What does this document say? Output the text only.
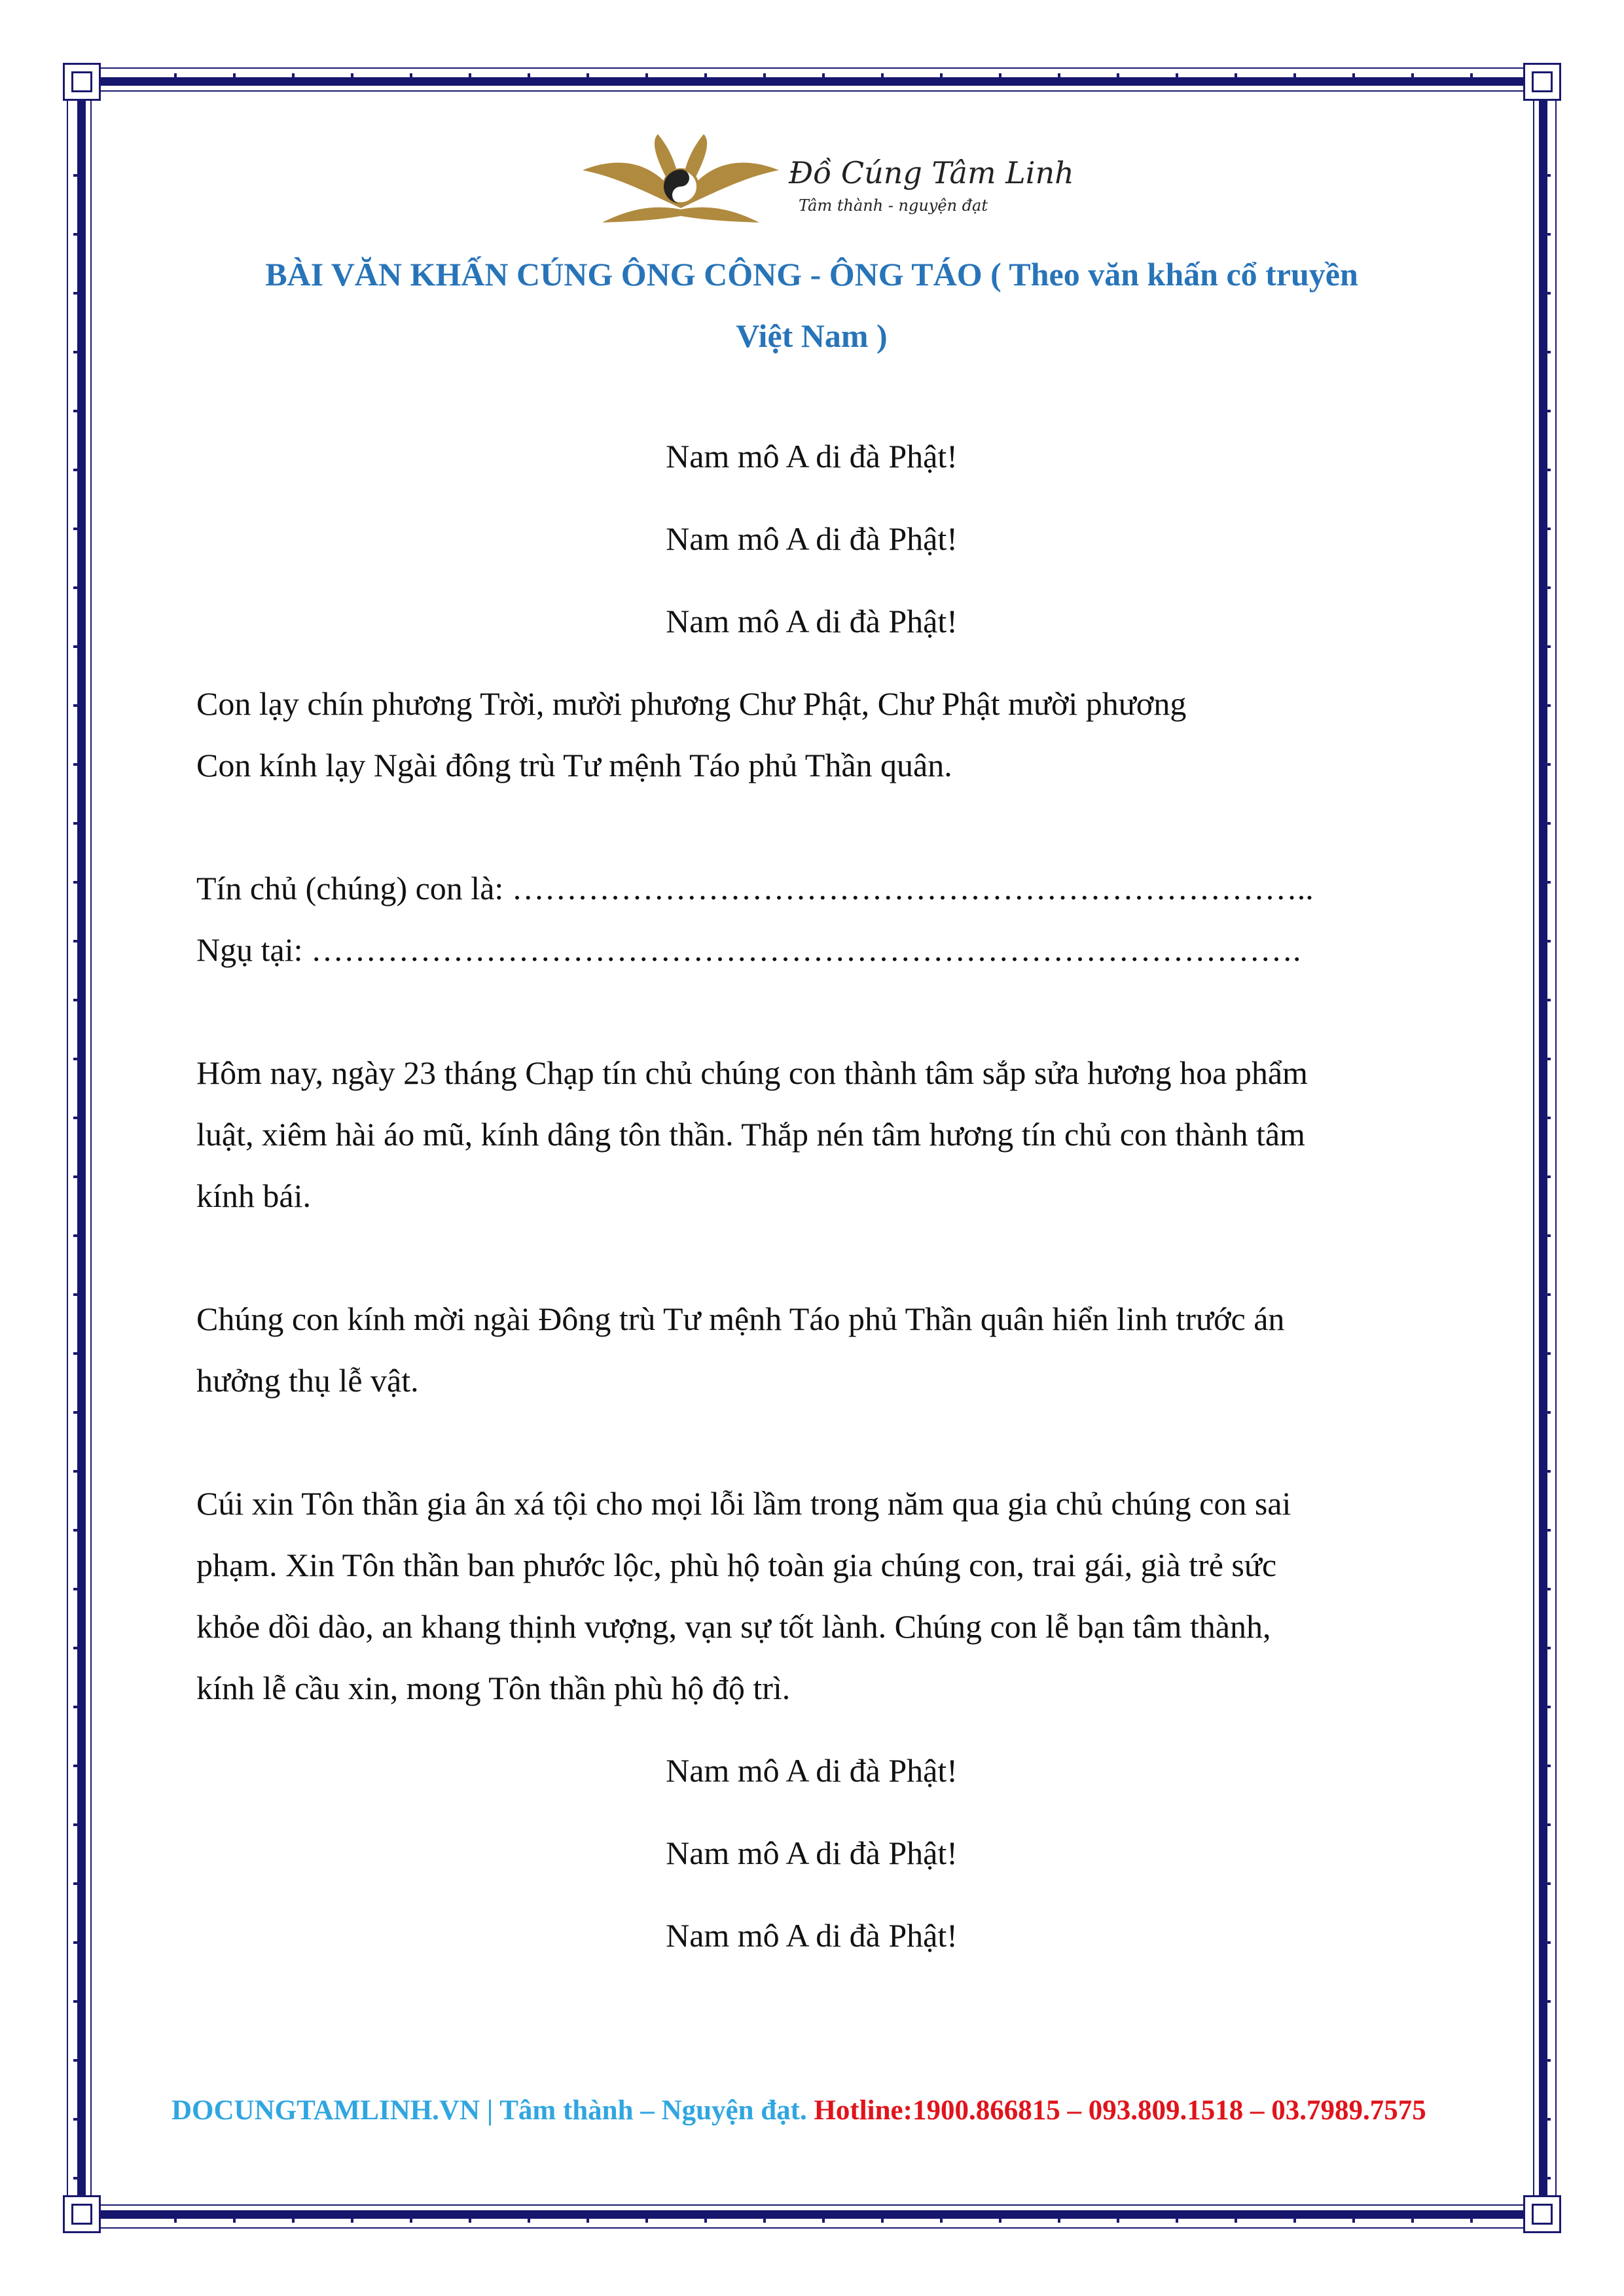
Đồ Cúng Tâm Linh
Tâm thành - nguyện đạt
BÀI VĂN KHẤN CÚNG ÔNG CÔNG - ÔNG TÁO ( Theo văn khấn cổ truyền
Việt Nam )

Nam mô A di đà Phật!

Nam mô A di đà Phật!

Nam mô A di đà Phật!

Con lạy chín phương Trời, mười phương Chư Phật, Chư Phật mười phương

Con kính lạy Ngài đông trù Tư mệnh Táo phủ Thần quân.

Tín chủ (chúng) con là: ………………………………………………………………..

Ngụ tại: ……………………………………………………………………………….

Hôm nay, ngày 23 tháng Chạp tín chủ chúng con thành tâm sắp sửa hương hoa phẩm

luật, xiêm hài áo mũ, kính dâng tôn thần. Thắp nén tâm hương tín chủ con thành tâm

kính bái.

Chúng con kính mời ngài Đông trù Tư mệnh Táo phủ Thần quân hiển linh trước án

hưởng thụ lễ vật.

Cúi xin Tôn thần gia ân xá tội cho mọi lỗi lầm trong năm qua gia chủ chúng con sai

phạm. Xin Tôn thần ban phước lộc, phù hộ toàn gia chúng con, trai gái, già trẻ sức

khỏe dồi dào, an khang thịnh vượng, vạn sự tốt lành. Chúng con lễ bạn tâm thành,

kính lễ cầu xin, mong Tôn thần phù hộ độ trì.

Nam mô A di đà Phật!

Nam mô A di đà Phật!

Nam mô A di đà Phật!

DOCUNGTAMLINH.VN | Tâm thành – Nguyện đạt. Hotline:1900.866815 – 093.809.1518 – 03.7989.7575
